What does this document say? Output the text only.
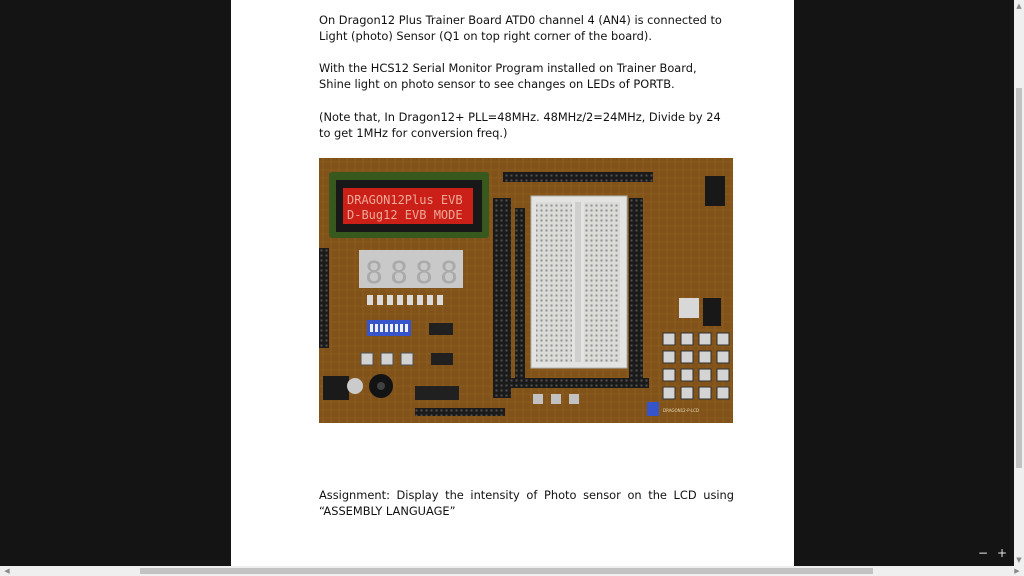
On Dragon12 Plus Trainer Board ATD0 channel 4 (AN4) is connected to Light (photo) Sensor (Q1 on top right corner of the board).

With the HCS12 Serial Monitor Program installed on Trainer Board,
Shine light on photo sensor to see changes on LEDs of PORTB.

(Note that, In Dragon12+ PLL=48MHz. 48MHz/2=24MHz, Divide by 24 to get 1MHz for conversion freq.)

DRAGON12Plus EVB
D-Bug12 EVB MODE
8 8 8 8
DRAGON12-P-LCD

Assignment: Display the intensity of Photo sensor on the LCD using “ASSEMBLY LANGUAGE”

▲
▼
◀	▶
− +
